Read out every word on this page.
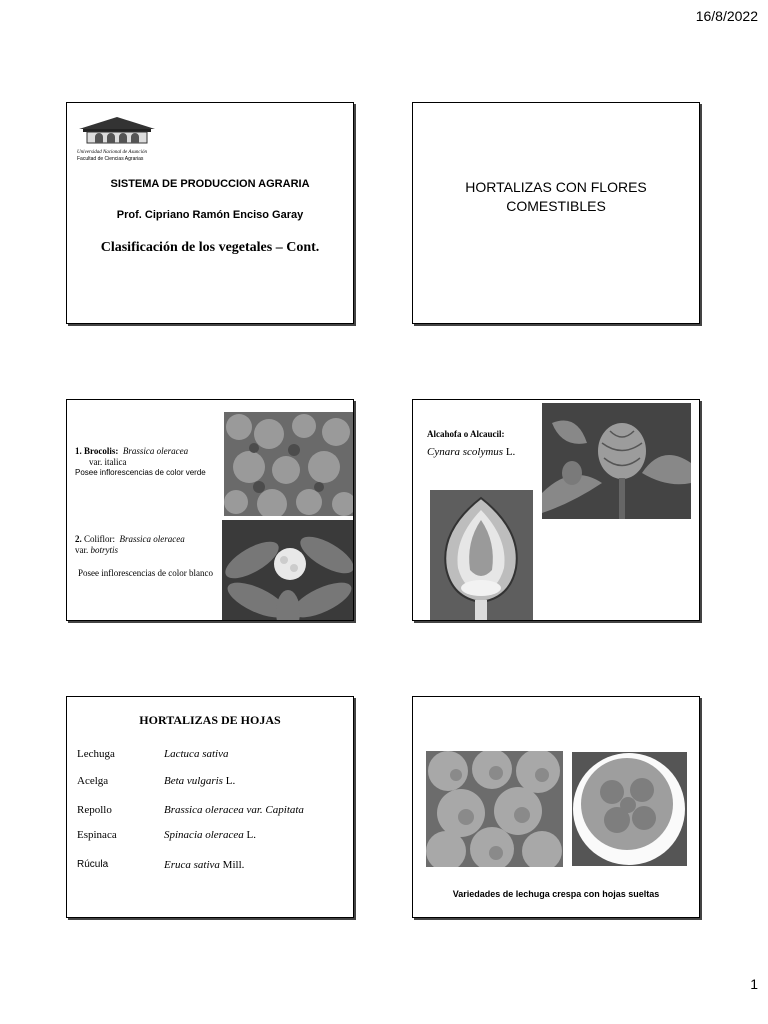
16/8/2022
Universidad Nacional de Asunción
Facultad de Ciencias Agrarias
SISTEMA DE PRODUCCION AGRARIA
Prof. Cipriano Ramón Enciso Garay
Clasificación de los vegetales – Cont.
HORTALIZAS CON FLORES
COMESTIBLES
1. Brocolis: Brassica oleracea
var. italica
Posee inflorescencias de color verde
2. Coliflor: Brassica oleracea
var. botrytis
Posee inflorescencias de color blanco
Alcahofa o Alcaucil:
Cynara scolymus L.
HORTALIZAS DE HOJAS
Lechuga	Lactuca sativa
Acelga	Beta vulgaris L.
Repollo	Brassica oleracea var. Capitata
Espinaca	Spinacia oleracea L.
Rúcula	Eruca sativa Mill.
Variedades de lechuga crespa con hojas sueltas
1
